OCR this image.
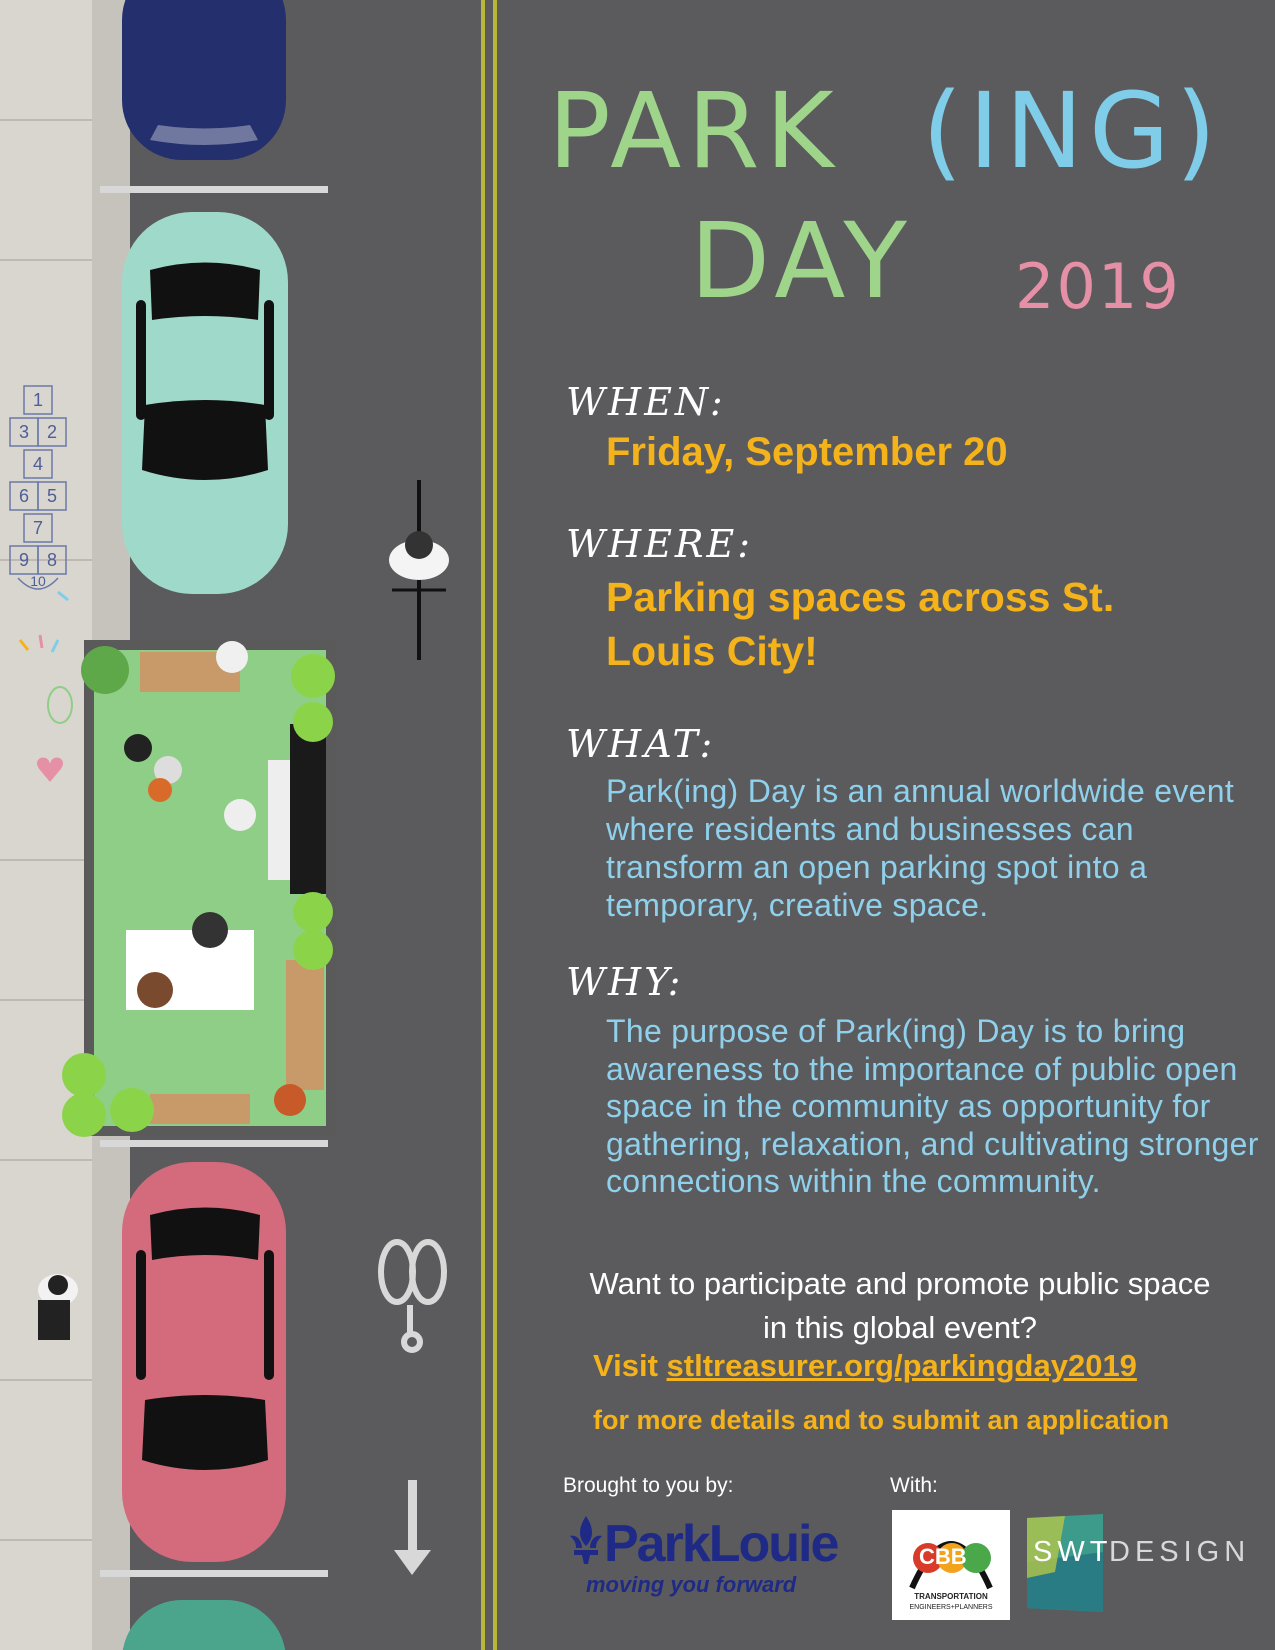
1
2
3
4
5
6
7
8
9
10
PARK (ING)
DAY 2019
WHEN:
Friday, September 20
WHERE:
Parking spaces across St. Louis City!
WHAT:
Park(ing) Day is an annual worldwide event where residents and businesses can transform an open parking spot into a temporary, creative space.
WHY:
The purpose of Park(ing) Day is to bring awareness to the importance of public open space in the community as opportunity for gathering, relaxation, and cultivating stronger connections within the community.
Want to participate and promote public space in this global event?
Visit stltreasurer.org/parkingday2019
for more details and to submit an application
Brought to you by:	With:
ParkLouie
moving you forward
CBB
TRANSPORTATION
ENGINEERS+PLANNERS
SWT
DESIGN
